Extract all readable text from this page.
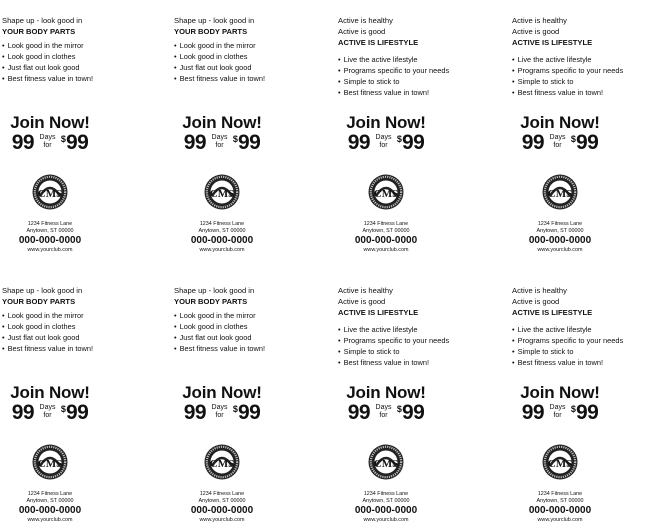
Shape up - look good in
YOUR BODY PARTS
• Look good in the mirror
• Look good in clothes
• Just flat out look good
• Best fitness value in town!
Join Now!
99 Days
for $99
CMS
1234 Fitness Lane
Anytown, ST 00000
000-000-0000
www.yourclub.com
Shape up - look good in
YOUR BODY PARTS
• Look good in the mirror
• Look good in clothes
• Just flat out look good
• Best fitness value in town!
Join Now!
99 Days
for $99
CMS
1234 Fitness Lane
Anytown, ST 00000
000-000-0000
www.yourclub.com
Active is healthy
Active is good
ACTIVE IS LIFESTYLE
• Live the active lifestyle
• Programs specific to your needs
• Simple to stick to
• Best fitness value in town!
Join Now!
99 Days
for $99
CMS
1234 Fitness Lane
Anytown, ST 00000
000-000-0000
www.yourclub.com
Active is healthy
Active is good
ACTIVE IS LIFESTYLE
• Live the active lifestyle
• Programs specific to your needs
• Simple to stick to
• Best fitness value in town!
Join Now!
99 Days
for $99
CMS
1234 Fitness Lane
Anytown, ST 00000
000-000-0000
www.yourclub.com
Shape up - look good in
YOUR BODY PARTS
• Look good in the mirror
• Look good in clothes
• Just flat out look good
• Best fitness value in town!
Join Now!
99 Days
for $99
CMS
1234 Fitness Lane
Anytown, ST 00000
000-000-0000
www.yourclub.com
Shape up - look good in
YOUR BODY PARTS
• Look good in the mirror
• Look good in clothes
• Just flat out look good
• Best fitness value in town!
Join Now!
99 Days
for $99
CMS
1234 Fitness Lane
Anytown, ST 00000
000-000-0000
www.yourclub.com
Active is healthy
Active is good
ACTIVE IS LIFESTYLE
• Live the active lifestyle
• Programs specific to your needs
• Simple to stick to
• Best fitness value in town!
Join Now!
99 Days
for $99
CMS
1234 Fitness Lane
Anytown, ST 00000
000-000-0000
www.yourclub.com
Active is healthy
Active is good
ACTIVE IS LIFESTYLE
• Live the active lifestyle
• Programs specific to your needs
• Simple to stick to
• Best fitness value in town!
Join Now!
99 Days
for $99
CMS
1234 Fitness Lane
Anytown, ST 00000
000-000-0000
www.yourclub.com
